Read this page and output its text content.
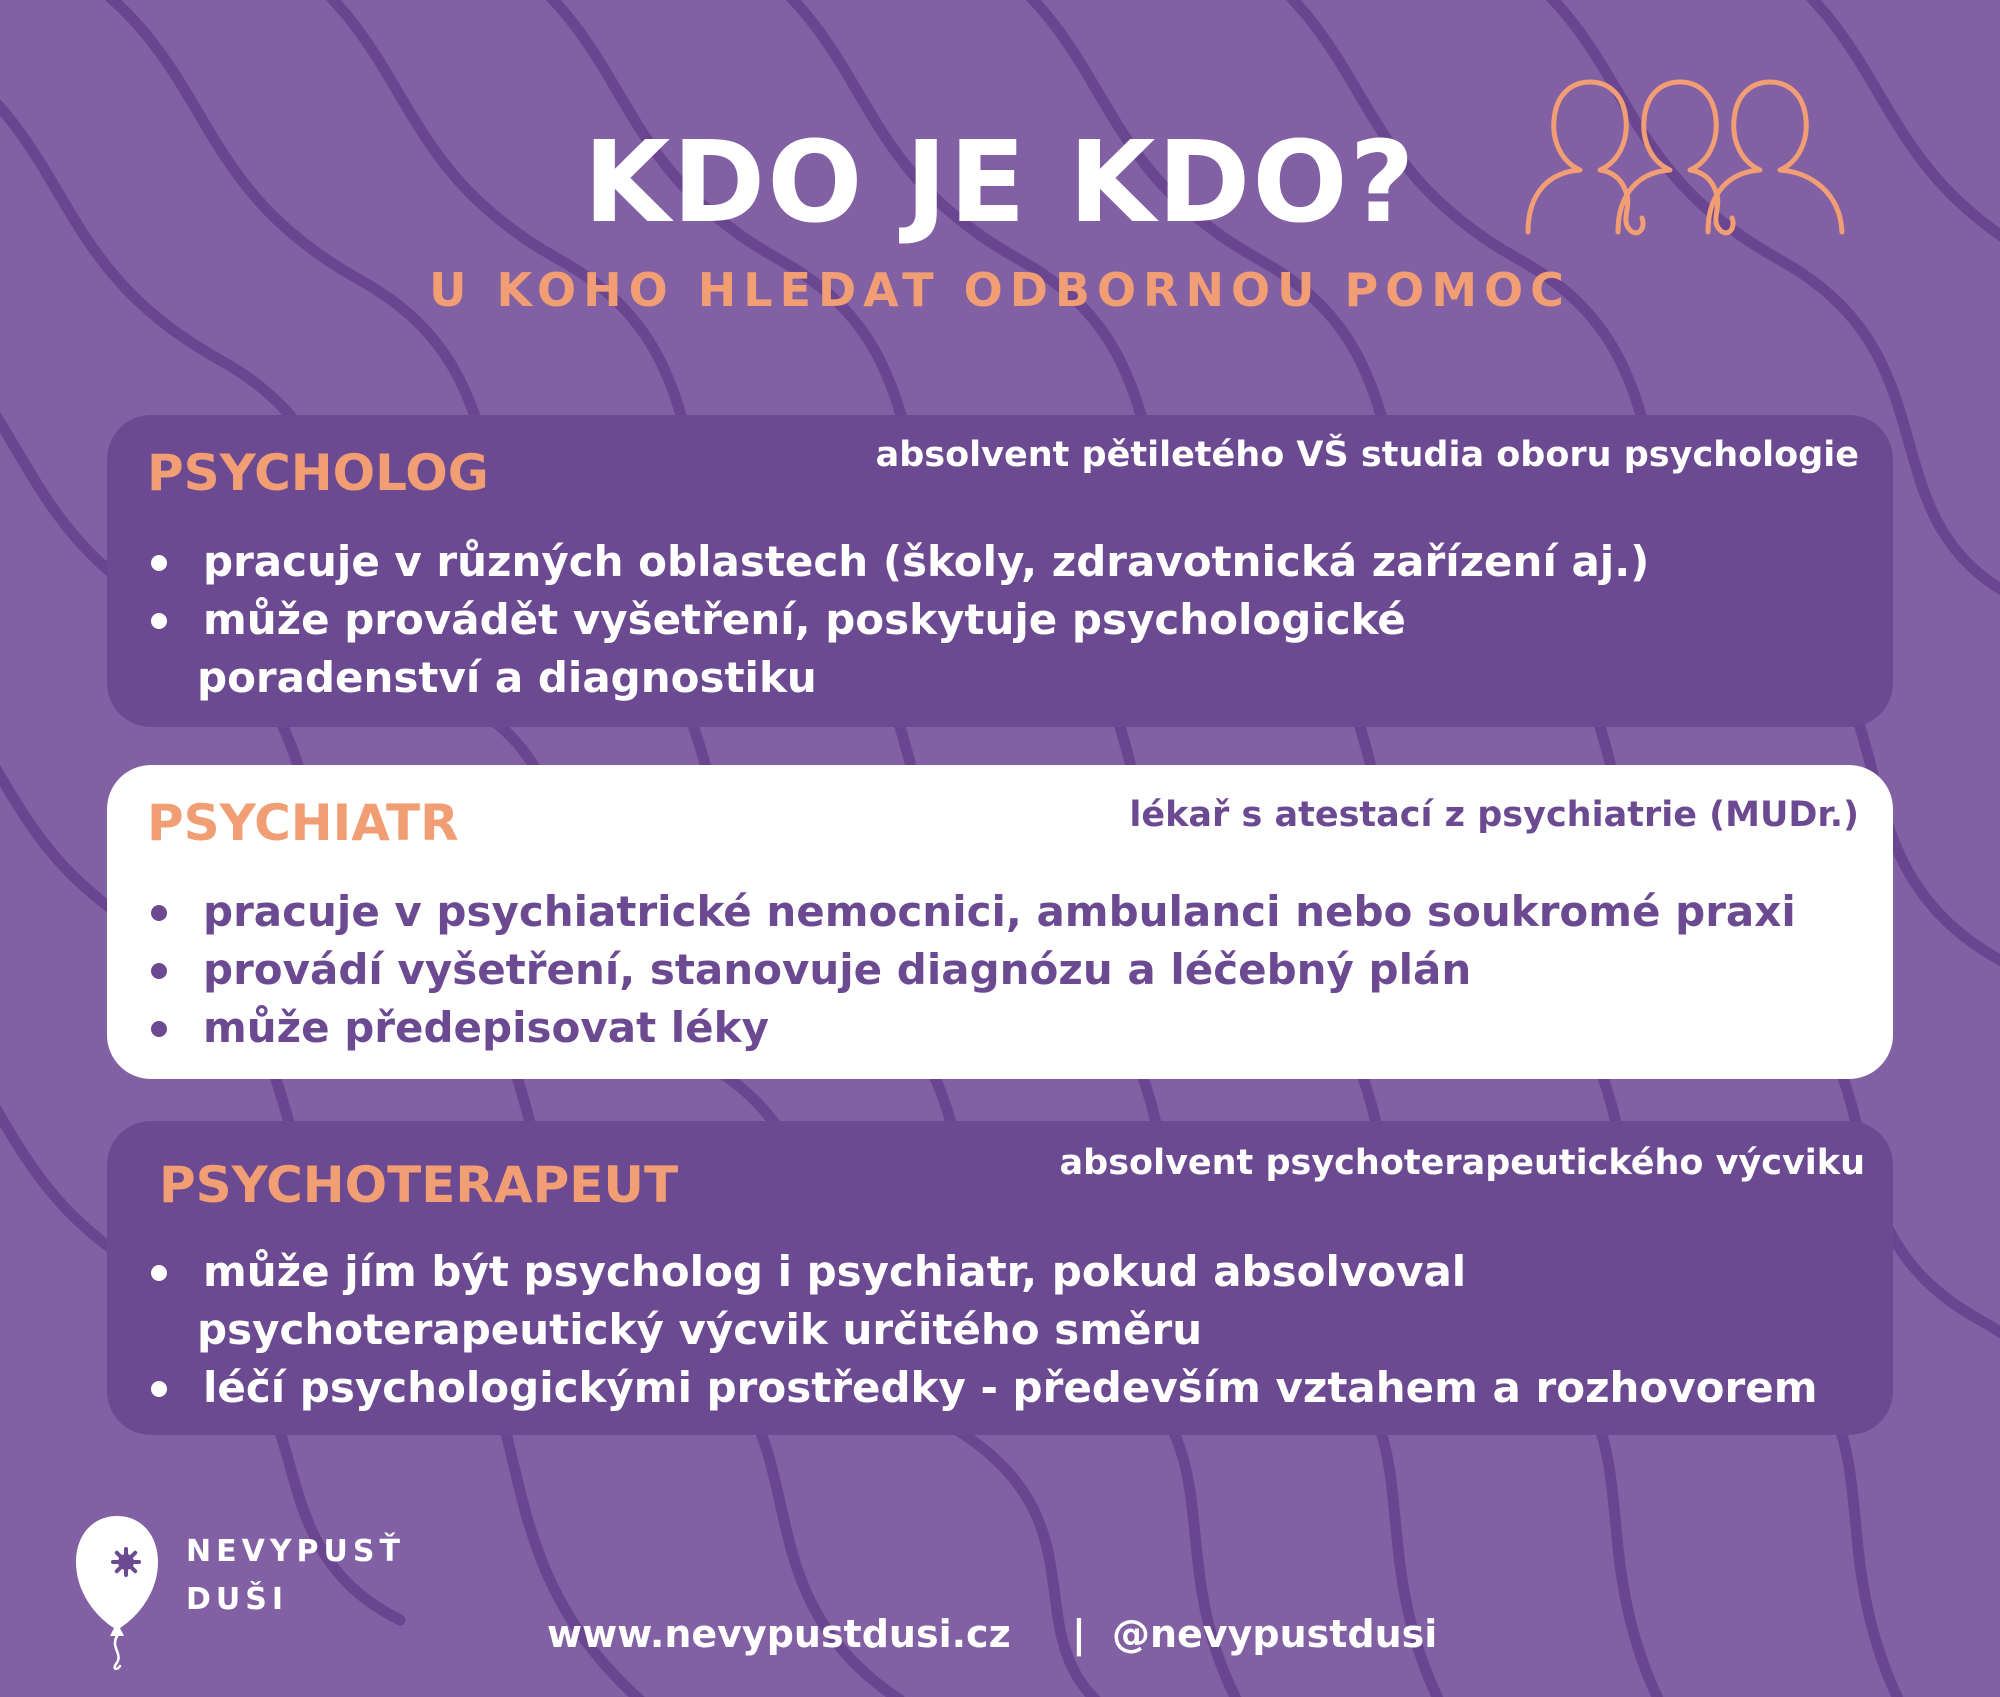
KDO JE KDO?
U KOHO HLEDAT ODBORNOU POMOC
PSYCHOLOG	absolvent pětiletého VŠ studia oboru psychologie
pracuje v různých oblastech (školy, zdravotnická zařízení aj.)
může provádět vyšetření, poskytuje psychologické
poradenství a diagnostiku
PSYCHIATR	lékař s atestací z psychiatrie (MUDr.)
pracuje v psychiatrické nemocnici, ambulanci nebo soukromé praxi
provádí vyšetření, stanovuje diagnózu a léčebný plán
může předepisovat léky
PSYCHOTERAPEUT	absolvent psychoterapeutického výcviku
může jím být psycholog i psychiatr, pokud absolvoval
psychoterapeutický výcvik určitého směru
léčí psychologickými prostředky - především vztahem a rozhovorem
NEVYPUSŤ
DUŠI
www.nevypustdusi.cz | @nevypustdusi
